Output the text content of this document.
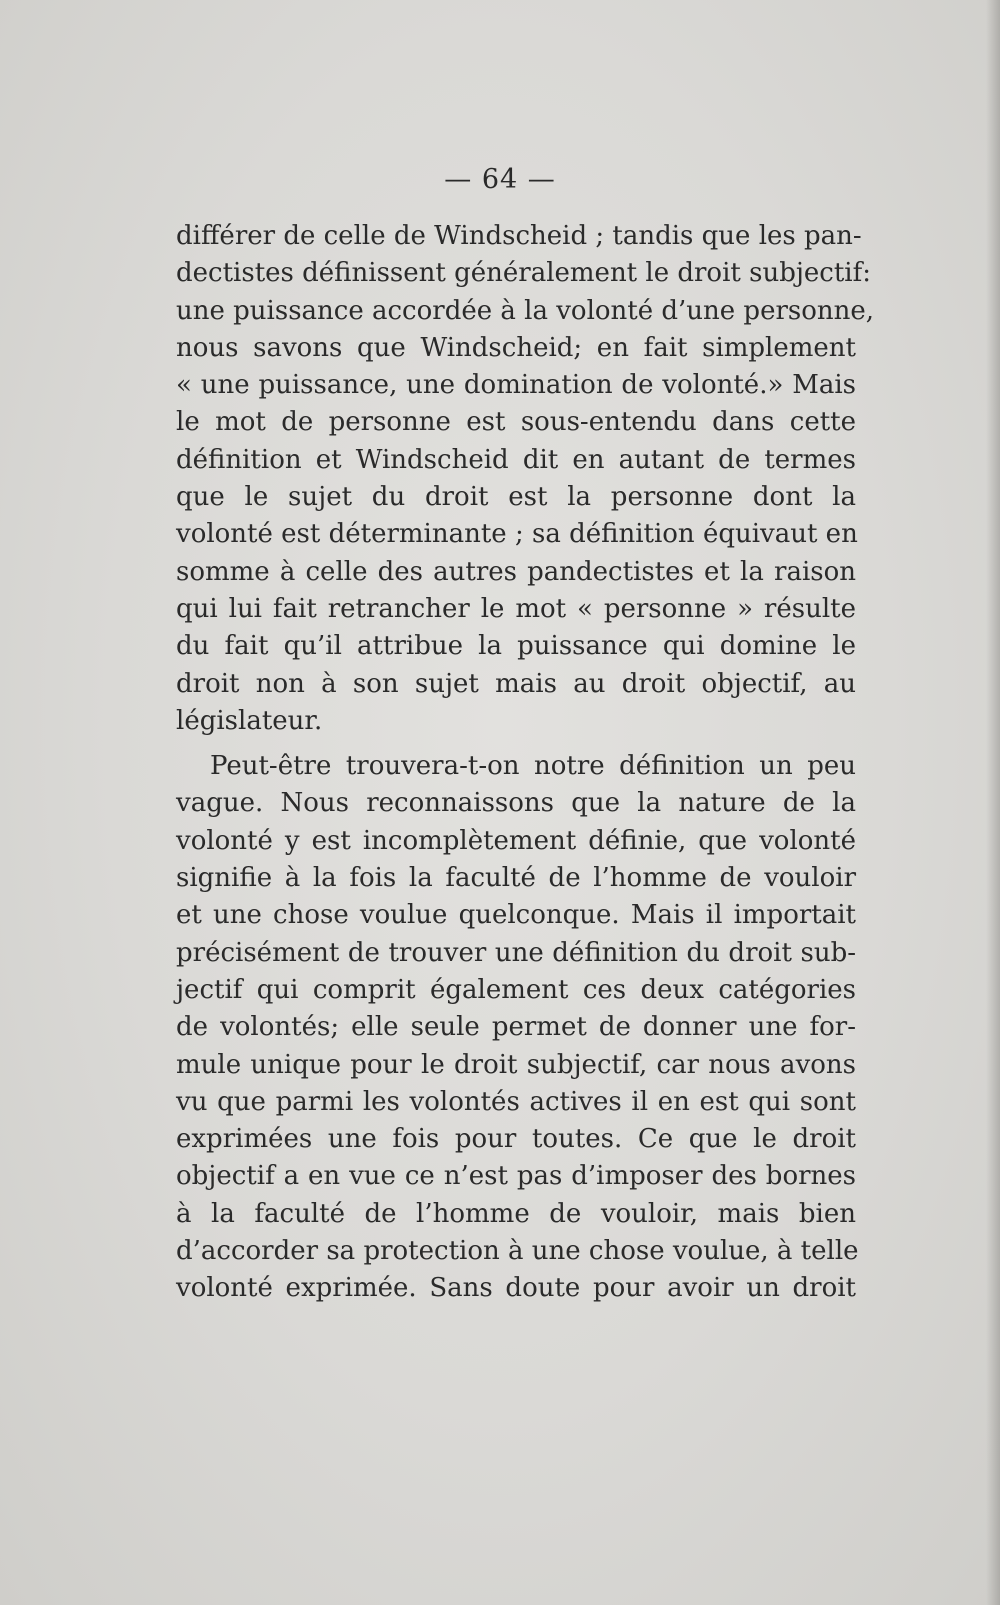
— 64 —
différer de celle de Windscheid ; tandis que les pan-
dectistes définissent généralement le droit subjectif:
une puissance accordée à la volonté d’une personne,
nous savons que Windscheid; en fait simplement
« une puissance, une domination de volonté.» Mais
le mot de personne est sous-entendu dans cette
définition et Windscheid dit en autant de termes
que le sujet du droit est la personne dont la
volonté est déterminante ; sa définition équivaut en
somme à celle des autres pandectistes et la raison
qui lui fait retrancher le mot « personne » résulte
du fait qu’il attribue la puissance qui domine le
droit non à son sujet mais au droit objectif, au
législateur.
Peut-être trouvera-t-on notre définition un peu
vague. Nous reconnaissons que la nature de la
volonté y est incomplètement définie, que volonté
signifie à la fois la faculté de l’homme de vouloir
et une chose voulue quelconque. Mais il importait
précisément de trouver une définition du droit sub-
jectif qui comprit également ces deux catégories
de volontés; elle seule permet de donner une for-
mule unique pour le droit subjectif, car nous avons
vu que parmi les volontés actives il en est qui sont
exprimées une fois pour toutes. Ce que le droit
objectif a en vue ce n’est pas d’imposer des bornes
à la faculté de l’homme de vouloir, mais bien
d’accorder sa protection à une chose voulue, à telle
volonté exprimée. Sans doute pour avoir un droit
